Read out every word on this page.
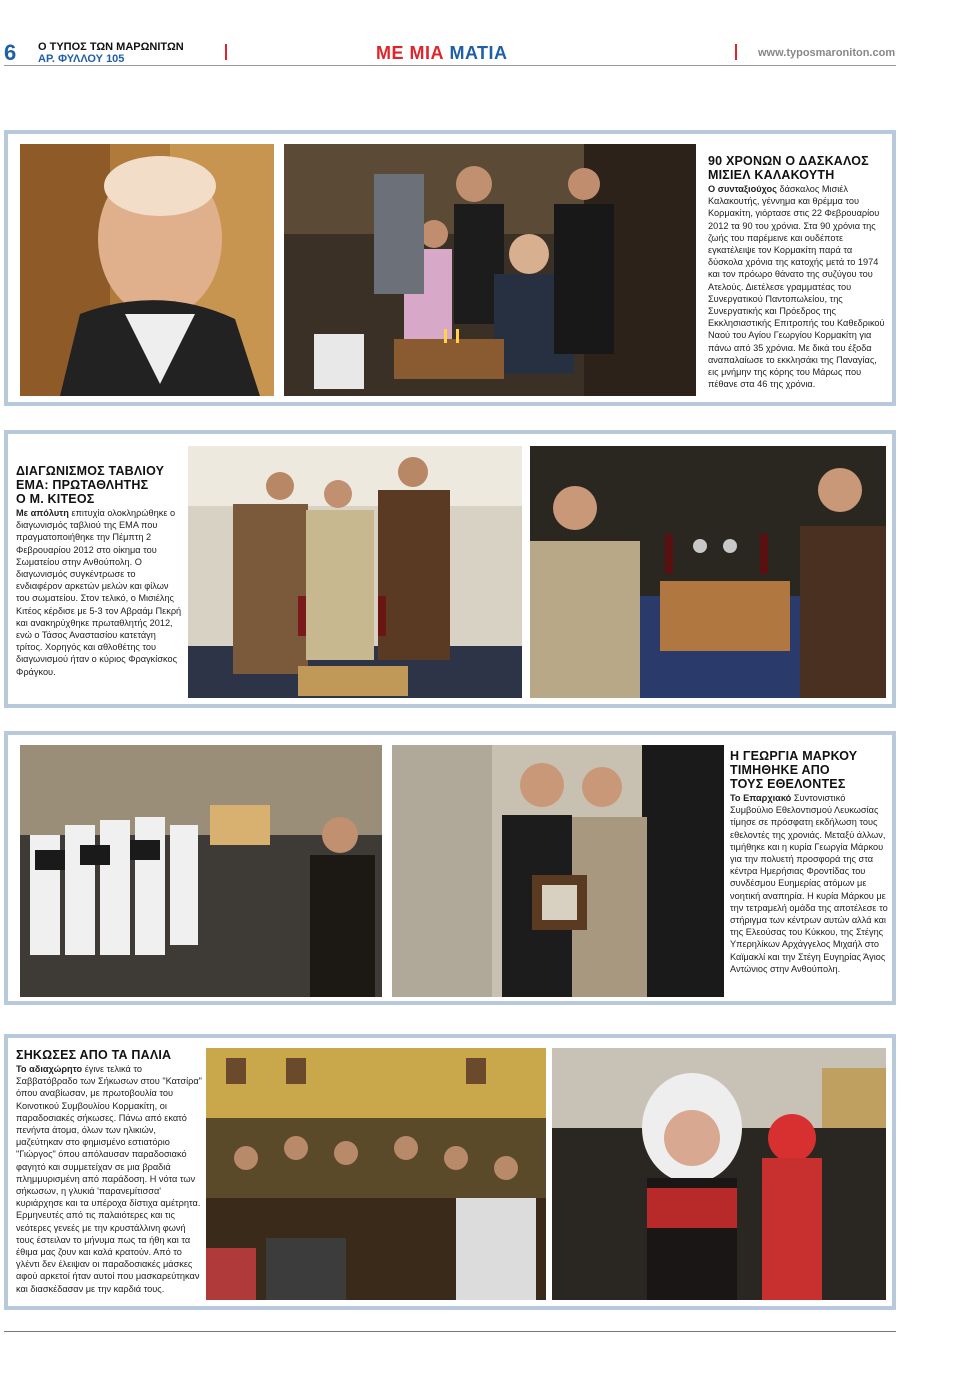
6 Ο ΤΥΠΟΣ ΤΩΝ ΜΑΡΩΝΙΤΩΝ
ΑΡ. ΦΥΛΛΟΥ 105	ΜΕ ΜΙΑ ΜΑΤΙΑ	www.typosmaroniton.com
90 ΧΡΟΝΩΝ Ο ΔΑΣΚΑΛΟΣ
ΜΙΣΙΕΛ ΚΑΛΑΚΟΥΤΗ
Ο συνταξιούχος δάσκαλος Μισιέλ Καλακουτής, γέννημα και θρέμμα του Κορμακίτη, γιόρτασε στις 22 Φεβρουαρίου 2012 τα 90 του χρόνια. Στα 90 χρόνια της ζωής του παρέμεινε και ουδέποτε εγκατέλειψε τον Κορμακίτη παρά τα δύσκολα χρόνια της κατοχής μετά το 1974 και τον πρόωρο θάνατο της συζύγου του Ατελούς. Διετέλεσε γραμματέας του Συνεργατικού Παντοπωλείου, της Συνεργατικής και Πρόεδρος της Εκκλησιαστικής Επιτροπής του Καθεδρικού Ναού του Αγίου Γεωργίου Κορμακίτη για πάνω από 35 χρόνια. Με δικά του έξοδα αναπαλαίωσε το εκκλησάκι της Παναγίας, εις μνήμην της κόρης του Μάρως που πέθανε στα 46 της χρόνια.
ΔΙΑΓΩΝΙΣΜΟΣ ΤΑΒΛΙΟΥ
ΕΜΑ: ΠΡΩΤΑΘΛΗΤΗΣ
Ο Μ. ΚΙΤΕΟΣ
Με απόλυτη επιτυχία ολοκληρώθηκε ο διαγωνισμός ταβλιού της ΕΜΑ που πραγματοποιήθηκε την Πέμπτη 2 Φεβρουαρίου 2012 στο οίκημα του Σωματείου στην Ανθούπολη. Ο διαγωνισμός συγκέντρωσε το ενδιαφέρον αρκετών μελών και φίλων του σωματείου. Στον τελικό, ο Μισιέλης Κιτέος κέρδισε με 5-3 τον Αβραάμ Πεκρή και ανακηρύχθηκε πρωταθλητής 2012, ενώ ο Τάσος Αναστασίου κατετάγη τρίτος. Χορηγός και αθλοθέτης του διαγωνισμού ήταν ο κύριος Φραγκίσκος Φράγκου.
Η ΓΕΩΡΓΙΑ ΜΑΡΚΟΥ
ΤΙΜΗΘΗΚΕ ΑΠΟ
ΤΟΥΣ ΕΘΕΛΟΝΤΕΣ
Το Επαρχιακό Συντονιστικό Συμβούλιο Εθελοντισμού Λευκωσίας τίμησε σε πρόσφατη εκδήλωση τους εθελοντές της χρονιάς. Μεταξύ άλλων, τιμήθηκε και η κυρία Γεωργία Μάρκου για την πολυετή προσφορά της στα κέντρα Ημερήσιας Φροντίδας του συνδέσμου Ευημερίας ατόμων με νοητική αναπηρία. Η κυρία Μάρκου με την τετραμελή ομάδα της αποτέλεσε το στήριγμα των κέντρων αυτών αλλά και της Ελεούσας του Κύκκου, της Στέγης Υπερηλίκων Αρχάγγελος Μιχαήλ στο Καϊμακλί και την Στέγη Ευγηρίας Άγιος Αντώνιος στην Ανθούπολη.
ΣΗΚΩΣΕΣ ΑΠΟ ΤΑ ΠΑΛΙΑ
Το αδιαχώρητο έγινε τελικά το Σαββατόβραδο των Σήκωσων στου "Κατσίρα" όπου αναβίωσαν, με πρωτοβουλία του Κοινοτικού Συμβουλίου Κορμακίτη, οι παραδοσιακές σήκωσες. Πάνω από εκατό πενήντα άτομα, όλων των ηλικιών, μαζεύτηκαν στο φημισμένο εστιατόριο "Γιώργος" όπου απόλαυσαν παραδοσιακό φαγητό και συμμετείχαν σε μια βραδιά πλημμυρισμένη από παράδοση. Η νότα των σήκωσων, η γλυκιά 'παρανεμίτισσα' κυριάρχησε και τα υπέροχα δίστιχα αμέτρητα. Ερμηνευτές από τις παλαιότερες και τις νεότερες γενεές με την κρυστάλλινη φωνή τους έστειλαν το μήνυμα πως τα ήθη και τα έθιμα μας ζουν και καλά κρατούν. Από το γλέντι δεν έλειψαν οι παραδοσιακές μάσκες αφού αρκετοί ήταν αυτοί που μασκαρεύτηκαν και διασκέδασαν με την καρδιά τους.
